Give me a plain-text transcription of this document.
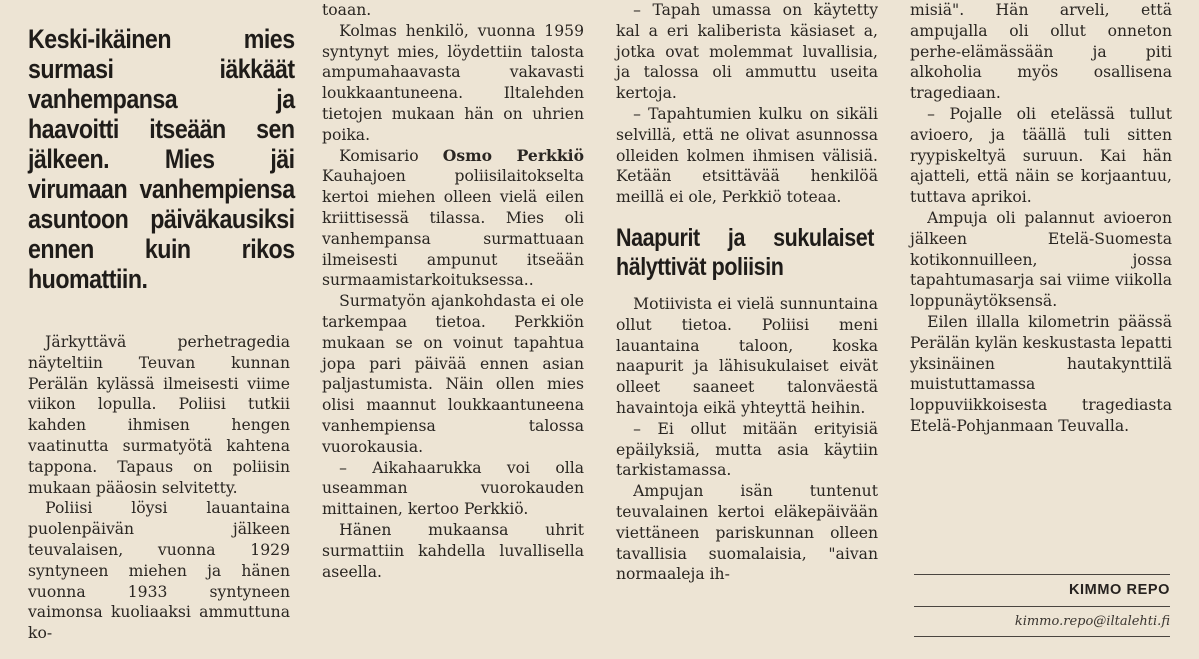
Keski-ikäinen mies surmasi iäkkäät vanhempansa ja haavoitti itseään sen jälkeen. Mies jäi virumaan vanhempiensa asuntoon päiväkausiksi ennen kuin rikos huomattiin.

Järkyttävä perhetragedia näyteltiin Teuvan kunnan Perälän kylässä ilmeisesti viime viikon lopulla. Poliisi tutkii kahden ihmisen hengen vaatinutta surmatyötä kahtena tappona. Tapaus on poliisin mukaan pääosin selvitetty.

Poliisi löysi lauantaina puolenpäivän jälkeen teuvalaisen, vuonna 1929 syntyneen miehen ja hänen vuonna 1933 syntyneen vaimonsa kuoliaaksi ammuttuna ko-

toaan.

Kolmas henkilö, vuonna 1959 syntynyt mies, löydettiin talosta ampumahaavasta vakavasti loukkaantuneena. Iltalehden tietojen mukaan hän on uhrien poika.

Komisario Osmo Perkkiö Kauhajoen poliisilaitokselta kertoi miehen olleen vielä eilen kriittisessä tilassa. Mies oli vanhempansa surmattuaan ilmeisesti ampunut itseään surmaamistarkoituksessa..

Surmatyön ajankohdasta ei ole tarkempaa tietoa. Perkkiön mukaan se on voinut tapahtua jopa pari päivää ennen asian paljastumista. Näin ollen mies olisi maannut loukkaantuneena vanhempiensa talossa vuorokausia.

– Aikahaarukka voi olla useamman vuorokauden mittainen, kertoo Perkkiö.

Hänen mukaansa uhrit surmattiin kahdella luvallisella aseella.

– Tapah umassa on käytetty kal a eri kaliberista käsiaset a, jotka ovat molemmat luvallisia, ja talossa oli ammuttu useita kertoja.

– Tapahtumien kulku on sikäli selvillä, että ne olivat asunnossa olleiden kolmen ihmisen välisiä. Ketään etsittävää henkilöä meillä ei ole, Perkkiö toteaa.

Naapurit ja sukulaiset hälyttivät poliisin

Motiivista ei vielä sunnuntaina ollut tietoa. Poliisi meni lauantaina taloon, koska naapurit ja lähisukulaiset eivät olleet saaneet talonväestä havaintoja eikä yhteyttä heihin.

– Ei ollut mitään erityisiä epäilyksiä, mutta asia käytiin tarkistamassa.

Ampujan isän tuntenut teuvalainen kertoi eläkepäivään viettäneen pariskunnan olleen tavallisia suomalaisia, "aivan normaaleja ih-

misiä". Hän arveli, että ampujalla oli ollut onneton perhe-elämässään ja piti alkoholia myös osallisena tragediaan.

– Pojalle oli etelässä tullut avioero, ja täällä tuli sitten ryypiskeltyä suruun. Kai hän ajatteli, että näin se korjaantuu, tuttava aprikoi.

Ampuja oli palannut avioeron jälkeen Etelä-Suomesta kotikonnuilleen, jossa tapahtumasarja sai viime viikolla loppunäytöksensä.

Eilen illalla kilometrin päässä Perälän kylän keskustasta lepatti yksinäinen hautakynttilä muistuttamassa loppuviikkoisesta tragediasta Etelä-Pohjanmaan Teuvalla.

KIMMO REPO
kimmo.repo@iltalehti.fi
